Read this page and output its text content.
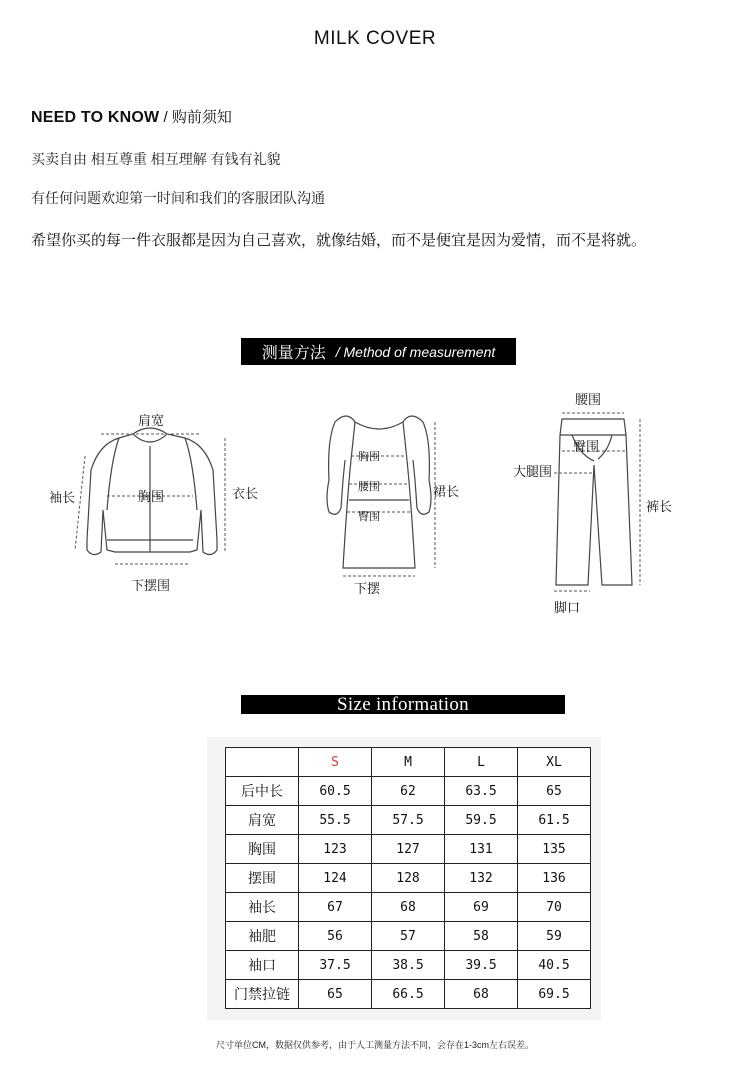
MILK COVER
NEED TO KNOW / 购前须知
买卖自由 相互尊重 相互理解 有钱有礼貌
有任何问题欢迎第一时间和我们的客服团队沟通
希望你买的每一件衣服都是因为自己喜欢，就像结婚，而不是便宜是因为爱情，而不是将就。
测量方法 / Method of measurement
肩宽
袖长	胸围	衣长
下摆围
胸围
腰围
臀围
裙长
下摆
腰围
臀围
大腿围
裤长
脚口
Size information
	S	M	L	XL
后中长	60.5	62	63.5	65
肩宽	55.5	57.5	59.5	61.5
胸围	123	127	131	135
摆围	124	128	132	136
袖长	67	68	69	70
袖肥	56	57	58	59
袖口	37.5	38.5	39.5	40.5
门禁拉链	65	66.5	68	69.5
尺寸单位CM，数据仅供参考，由于人工测量方法不同，会存在1-3cm左右误差。
